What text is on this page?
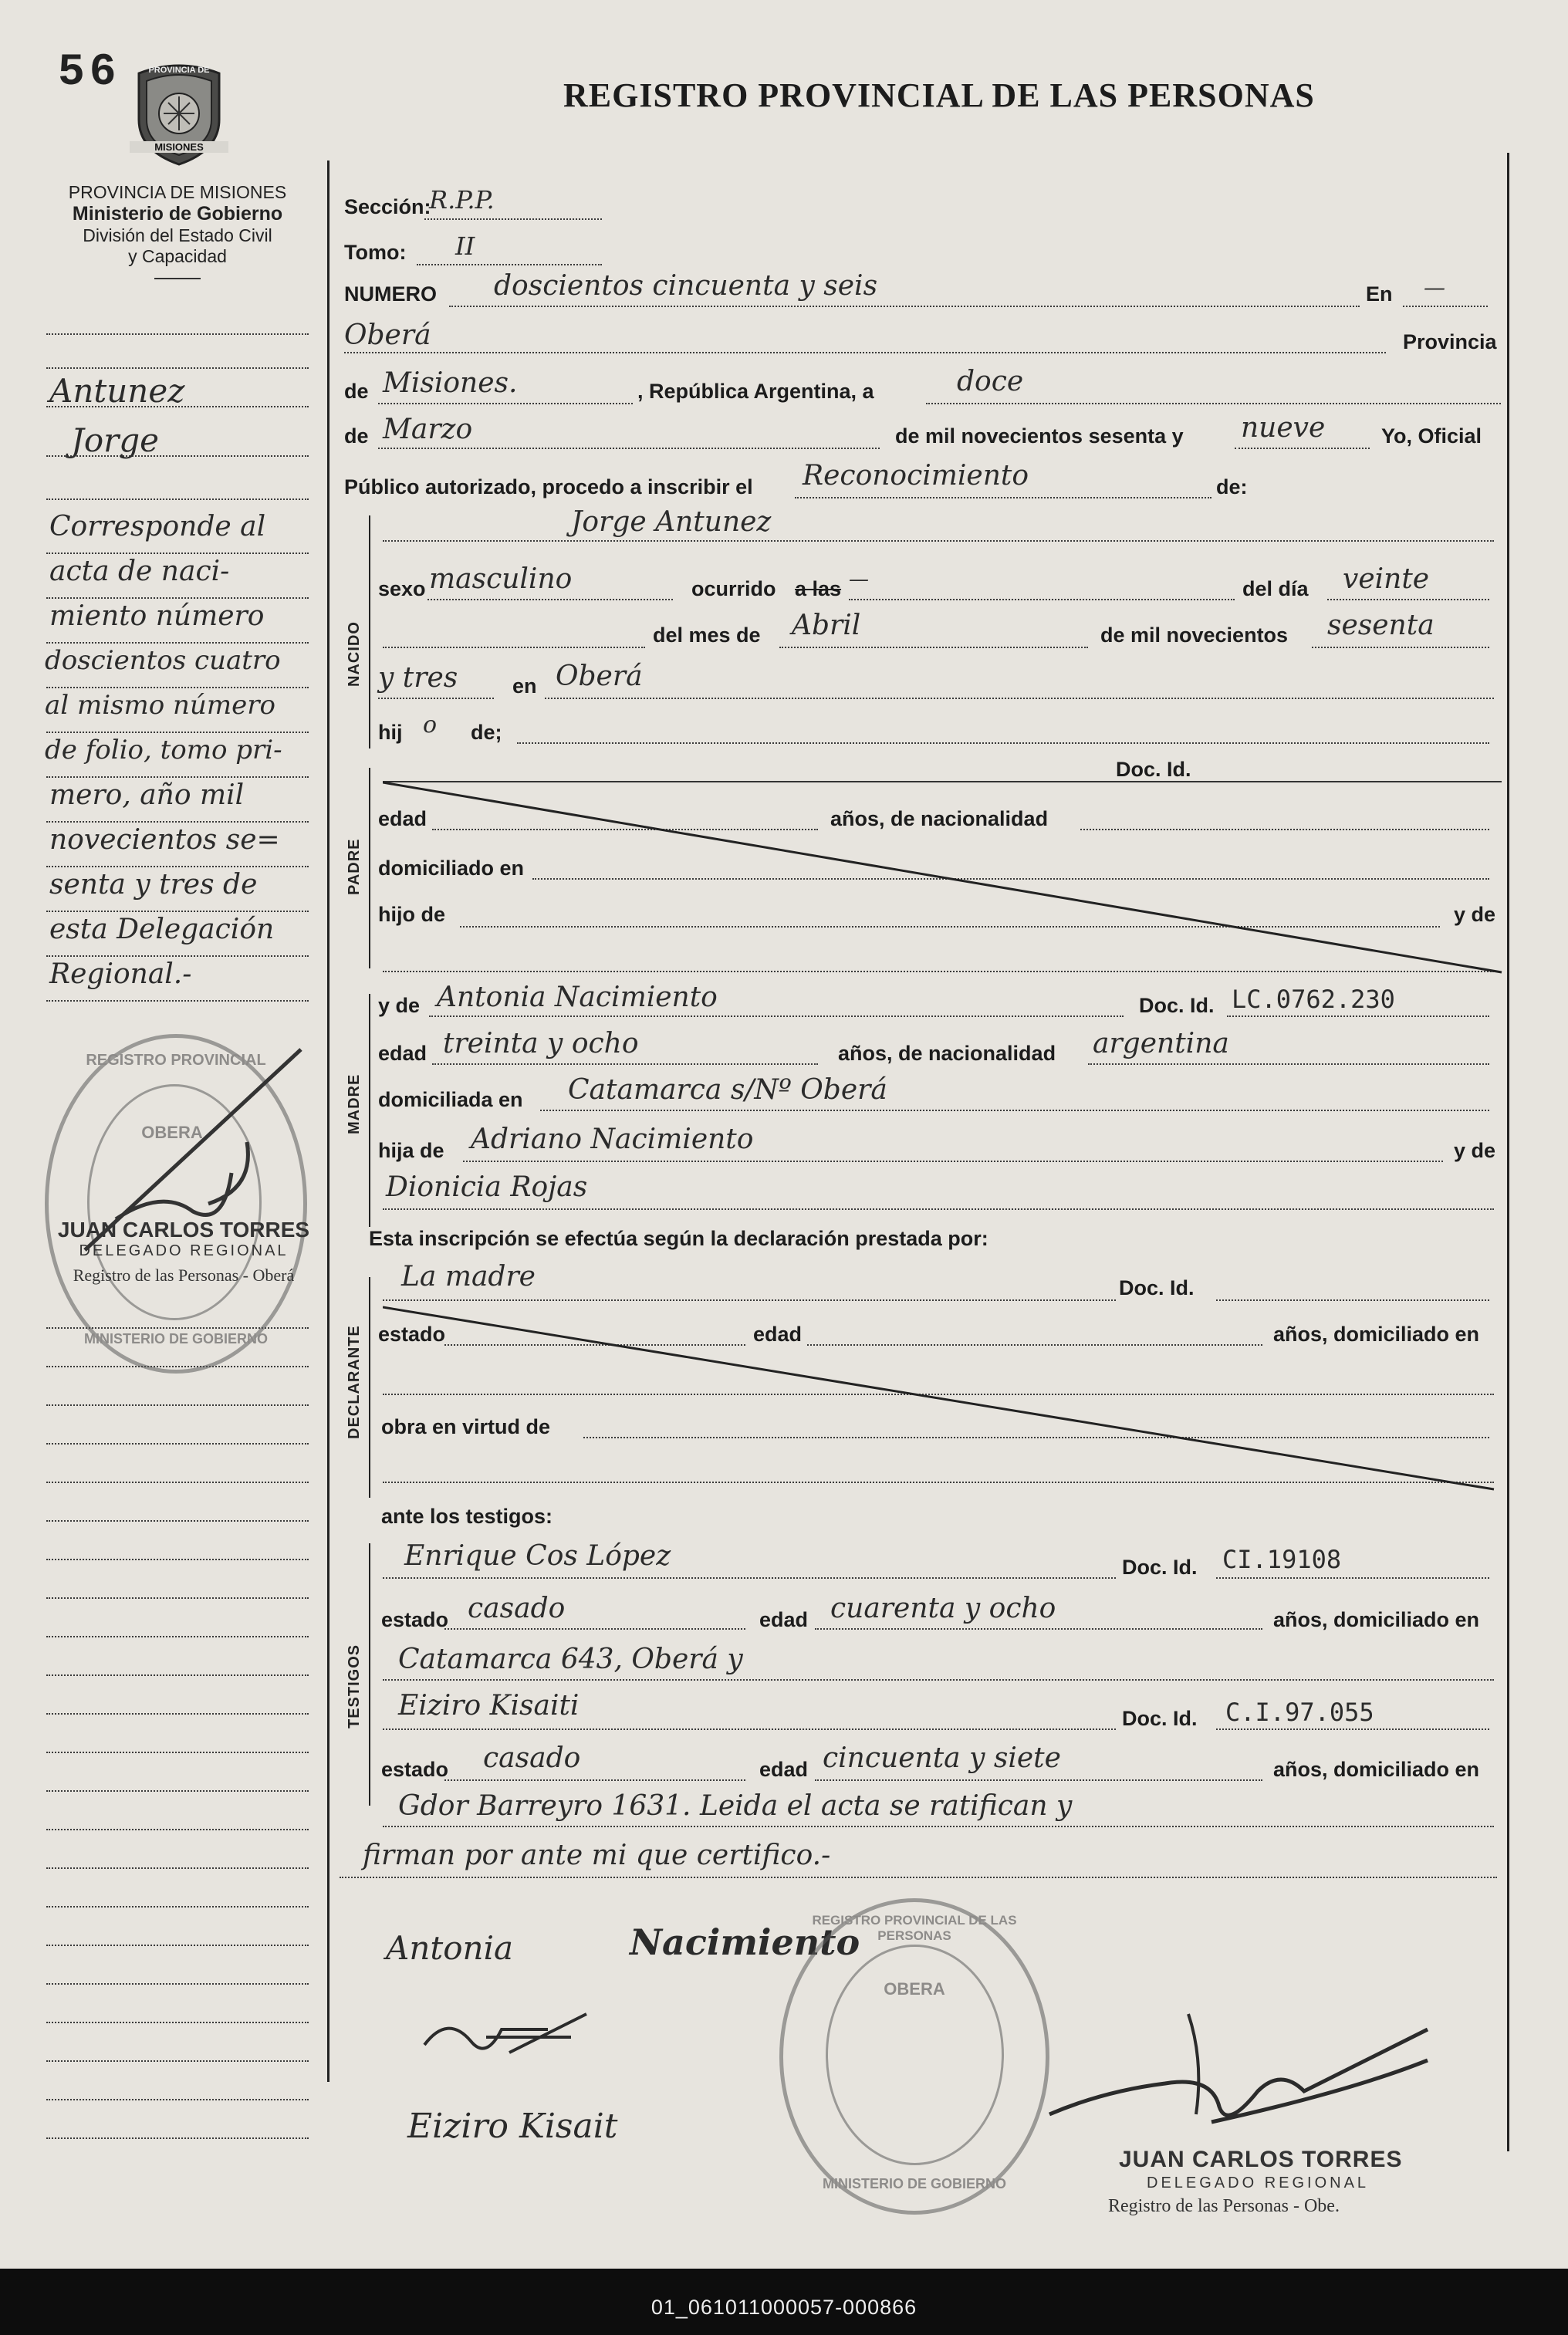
56	PROVINCIA DE
MISIONES
REGISTRO PROVINCIAL DE LAS PERSONAS
PROVINCIA DE MISIONES
Ministerio de Gobierno
División del Estado Civil
y Capacidad
NACIDO
PADRE
MADRE
DECLARANTE
TESTIGOS
Sección:
R.P.P.
Tomo: II
NUMERO doscientos cincuenta y seis	En —
Oberá	Provincia
de Misiones.	, República Argentina, a	doce
de Marzo	de mil novecientos sesenta y nueve	Yo, Oficial
Público autorizado, procedo a inscribir el Reconocimiento	de:
Jorge Antunez
sexo masculino	ocurrido a las —	del día veinte
del mes de Abril	de mil novecientos sesenta
y tres	en Oberá
hij o de;
Doc. Id.
edad	años, de nacionalidad
domiciliado en
hijo de	y de
y de Antonia Nacimiento	Doc. Id. LC.0762.230
edad treinta y ocho	años, de nacionalidad argentina
domiciliada en Catamarca s/Nº Oberá
hija de Adriano Nacimiento	y de
Dionicia Rojas
Esta inscripción se efectúa según la declaración prestada por:
La madre	Doc. Id.
estado	edad	años, domiciliado en
obra en virtud de
ante los testigos:
Enrique Cos López	Doc. Id. CI.19108
estado casado	edad cuarenta y ocho	años, domiciliado en
Catamarca 643, Oberá y
Eiziro Kisaiti	Doc. Id. C.I.97.055
estado casado	edad cincuenta y siete	años, domiciliado en
Gdor Barreyro 1631. Leida el acta se ratifican y
firman por ante mi que certifico.-
Antonia	Nacimiento
Eiziro Kisait
Antunez
Jorge
Corresponde al
acta de naci-
miento número
doscientos cuatro
al mismo número
de folio, tomo pri-
mero, año mil
novecientos se=
senta y tres de
esta Delegación
Regional.-
REGISTRO PROVINCIAL
OBERA
MINISTERIO DE GOBIERNO
JUAN CARLOS TORRES
DELEGADO REGIONAL
Registro de las Personas - Oberá
REGISTRO PROVINCIAL DE LAS PERSONAS
OBERA
MINISTERIO DE GOBIERNO
JUAN CARLOS TORRES
DELEGADO REGIONAL
Registro de las Personas - Obe.
01_061011000057-000866
